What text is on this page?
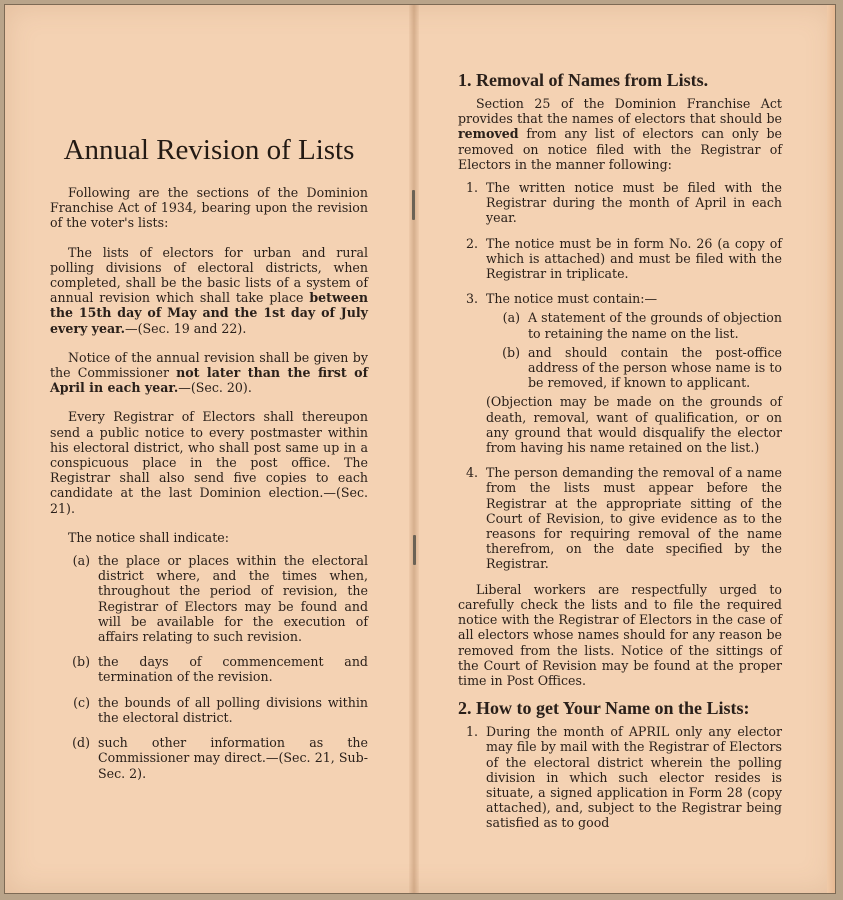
Annual Revision of Lists

Following are the sections of the Dominion Franchise Act of 1934, bearing upon the revision of the voter's lists:

The lists of electors for urban and rural polling divisions of electoral districts, when completed, shall be the basic lists of a system of annual revision which shall take place between the 15th day of May and the 1st day of July every year.—(Sec. 19 and 22).

Notice of the annual revision shall be given by the Commissioner not later than the first of April in each year.—(Sec. 20).

Every Registrar of Electors shall thereupon send a public notice to every postmaster within his electoral district, who shall post same up in a conspicuous place in the post office. The Registrar shall also send five copies to each candidate at the last Dominion election.—(Sec. 21).

The notice shall indicate:

(a) the place or places within the electoral district where, and the times when, throughout the period of revision, the Registrar of Electors may be found and will be available for the execution of affairs relating to such revision.
(b) the days of commencement and termination of the revision.
(c) the bounds of all polling divisions within the electoral district.
(d) such other information as the Commissioner may direct.—(Sec. 21, Sub-Sec. 2).
1. Removal of Names from Lists.

Section 25 of the Dominion Franchise Act provides that the names of electors that should be removed from any list of electors can only be removed on notice filed with the Registrar of Electors in the manner following:

1. The written notice must be filed with the Registrar during the month of April in each year.
2. The notice must be in form No. 26 (a copy of which is attached) and must be filed with the Registrar in triplicate.
3. The notice must contain:—
(a) A statement of the grounds of objection to retaining the name on the list.
(b) and should contain the post-office address of the person whose name is to be removed, if known to applicant.

(Objection may be made on the grounds of death, removal, want of qualification, or on any ground that would disqualify the elector from having his name retained on the list.)

4. The person demanding the removal of a name from the lists must appear before the Registrar at the appropriate sitting of the Court of Revision, to give evidence as to the reasons for requiring removal of the name therefrom, on the date specified by the Registrar.

Liberal workers are respectfully urged to carefully check the lists and to file the required notice with the Registrar of Electors in the case of all electors whose names should for any reason be removed from the lists. Notice of the sittings of the Court of Revision may be found at the proper time in Post Offices.

2. How to get Your Name on the Lists:
1. During the month of APRIL only any elector may file by mail with the Registrar of Electors of the electoral district wherein the polling division in which such elector resides is situate, a signed application in Form 28 (copy attached), and, subject to the Registrar being satisfied as to good
